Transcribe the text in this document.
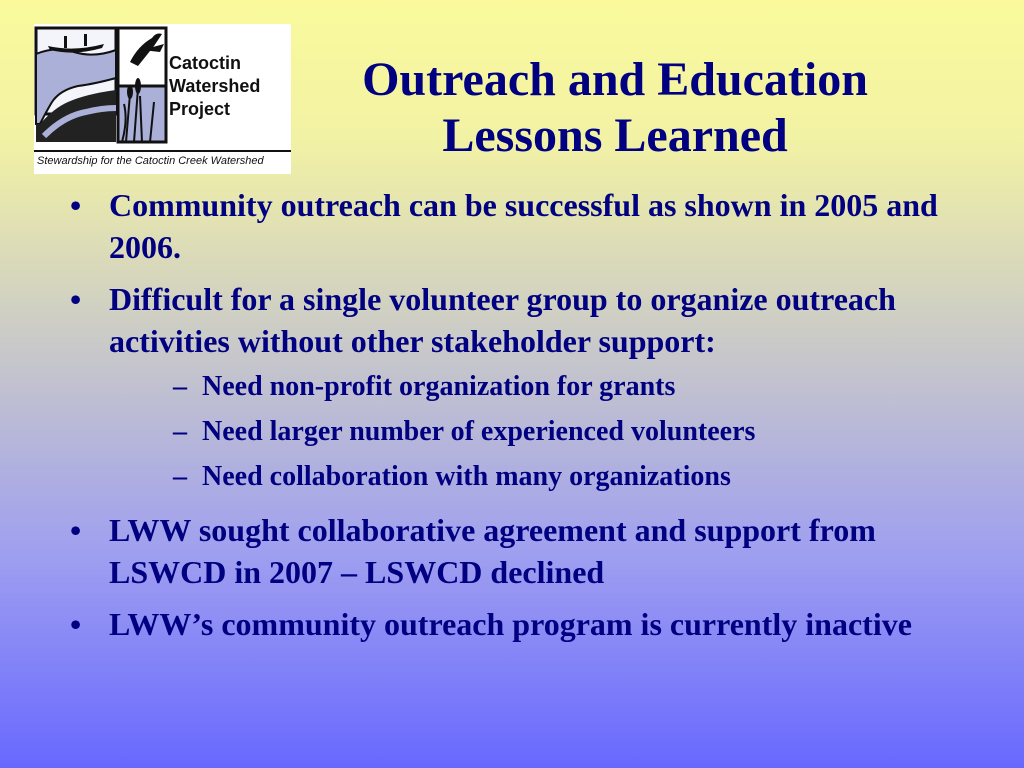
Catoctin
Watershed
Project
Stewardship for the Catoctin Creek Watershed
Outreach and Education
Lessons Learned
• Community outreach can be successful as shown in 2005 and 2006.
• Difficult for a single volunteer group to organize outreach activities without other stakeholder support:
– Need non-profit organization for grants
– Need larger number of experienced volunteers
– Need collaboration with many organizations
• LWW sought collaborative agreement and support from LSWCD in 2007 – LSWCD declined
• LWW’s community outreach program is currently inactive
